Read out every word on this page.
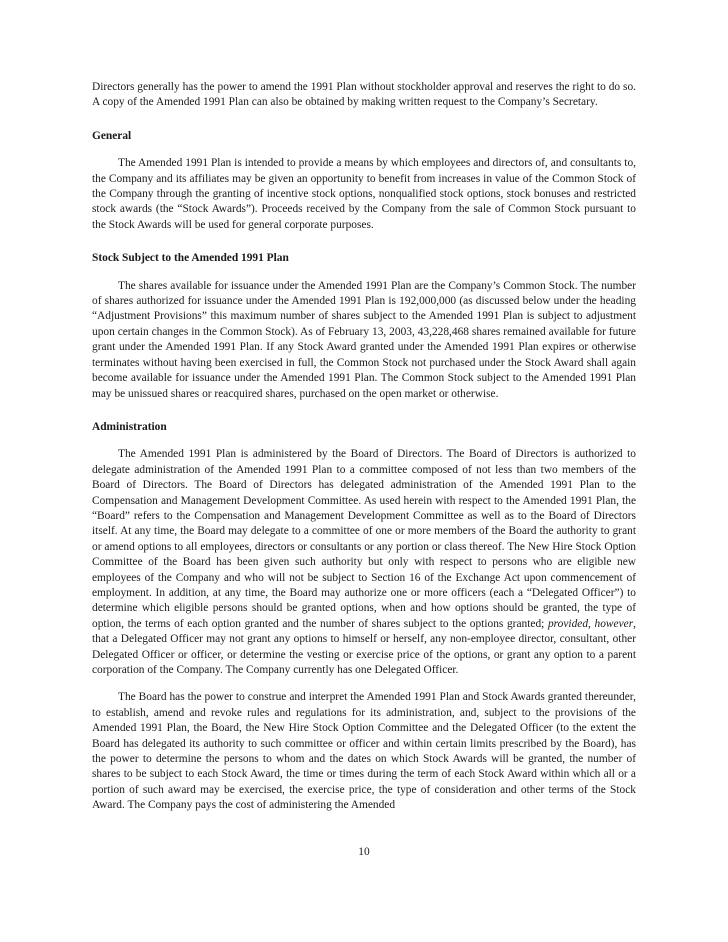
Directors generally has the power to amend the 1991 Plan without stockholder approval and reserves the right to do so. A copy of the Amended 1991 Plan can also be obtained by making written request to the Company’s Secretary.

General

The Amended 1991 Plan is intended to provide a means by which employees and directors of, and consultants to, the Company and its affiliates may be given an opportunity to benefit from increases in value of the Common Stock of the Company through the granting of incentive stock options, nonqualified stock options, stock bonuses and restricted stock awards (the “Stock Awards”). Proceeds received by the Company from the sale of Common Stock pursuant to the Stock Awards will be used for general corporate purposes.

Stock Subject to the Amended 1991 Plan

The shares available for issuance under the Amended 1991 Plan are the Company’s Common Stock. The number of shares authorized for issuance under the Amended 1991 Plan is 192,000,000 (as discussed below under the heading “Adjustment Provisions” this maximum number of shares subject to the Amended 1991 Plan is subject to adjustment upon certain changes in the Common Stock). As of February 13, 2003, 43,228,468 shares remained available for future grant under the Amended 1991 Plan. If any Stock Award granted under the Amended 1991 Plan expires or otherwise terminates without having been exercised in full, the Common Stock not purchased under the Stock Award shall again become available for issuance under the Amended 1991 Plan. The Common Stock subject to the Amended 1991 Plan may be unissued shares or reacquired shares, purchased on the open market or otherwise.

Administration

The Amended 1991 Plan is administered by the Board of Directors. The Board of Directors is authorized to delegate administration of the Amended 1991 Plan to a committee composed of not less than two members of the Board of Directors. The Board of Directors has delegated administration of the Amended 1991 Plan to the Compensation and Management Development Committee. As used herein with respect to the Amended 1991 Plan, the “Board” refers to the Compensation and Management Development Committee as well as to the Board of Directors itself. At any time, the Board may delegate to a committee of one or more members of the Board the authority to grant or amend options to all employees, directors or consultants or any portion or class thereof. The New Hire Stock Option Committee of the Board has been given such authority but only with respect to persons who are eligible new employees of the Company and who will not be subject to Section 16 of the Exchange Act upon commencement of employment. In addition, at any time, the Board may authorize one or more officers (each a “Delegated Officer”) to determine which eligible persons should be granted options, when and how options should be granted, the type of option, the terms of each option granted and the number of shares subject to the options granted; provided, however, that a Delegated Officer may not grant any options to himself or herself, any non-employee director, consultant, other Delegated Officer or officer, or determine the vesting or exercise price of the options, or grant any option to a parent corporation of the Company. The Company currently has one Delegated Officer.

The Board has the power to construe and interpret the Amended 1991 Plan and Stock Awards granted thereunder, to establish, amend and revoke rules and regulations for its administration, and, subject to the provisions of the Amended 1991 Plan, the Board, the New Hire Stock Option Committee and the Delegated Officer (to the extent the Board has delegated its authority to such committee or officer and within certain limits prescribed by the Board), has the power to determine the persons to whom and the dates on which Stock Awards will be granted, the number of shares to be subject to each Stock Award, the time or times during the term of each Stock Award within which all or a portion of such award may be exercised, the exercise price, the type of consideration and other terms of the Stock Award. The Company pays the cost of administering the Amended

10
